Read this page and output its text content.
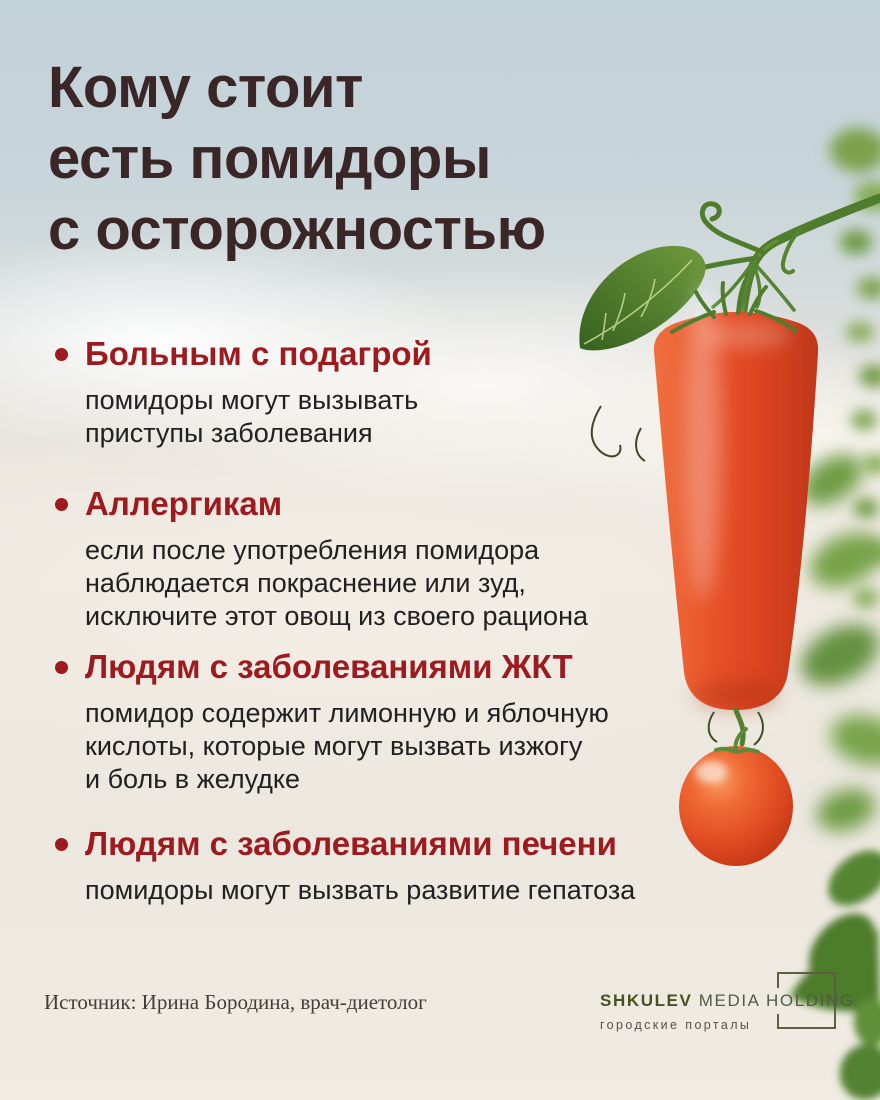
Кому стоит
есть помидоры
с осторожностью
Больным с подагрой
помидоры могут вызывать
приступы заболевания
Аллергикам
если после употребления помидора
наблюдается покраснение или зуд,
исключите этот овощ из своего рациона
Людям с заболеваниями ЖКТ
помидор содержит лимонную и яблочную
кислоты, которые могут вызвать изжогу
и боль в желудке
Людям с заболеваниями печени
помидоры могут вызвать развитие гепатоза
Источник: Ирина Бородина, врач-диетолог	SHKULEV MEDIA HOLDING
городские порталы
